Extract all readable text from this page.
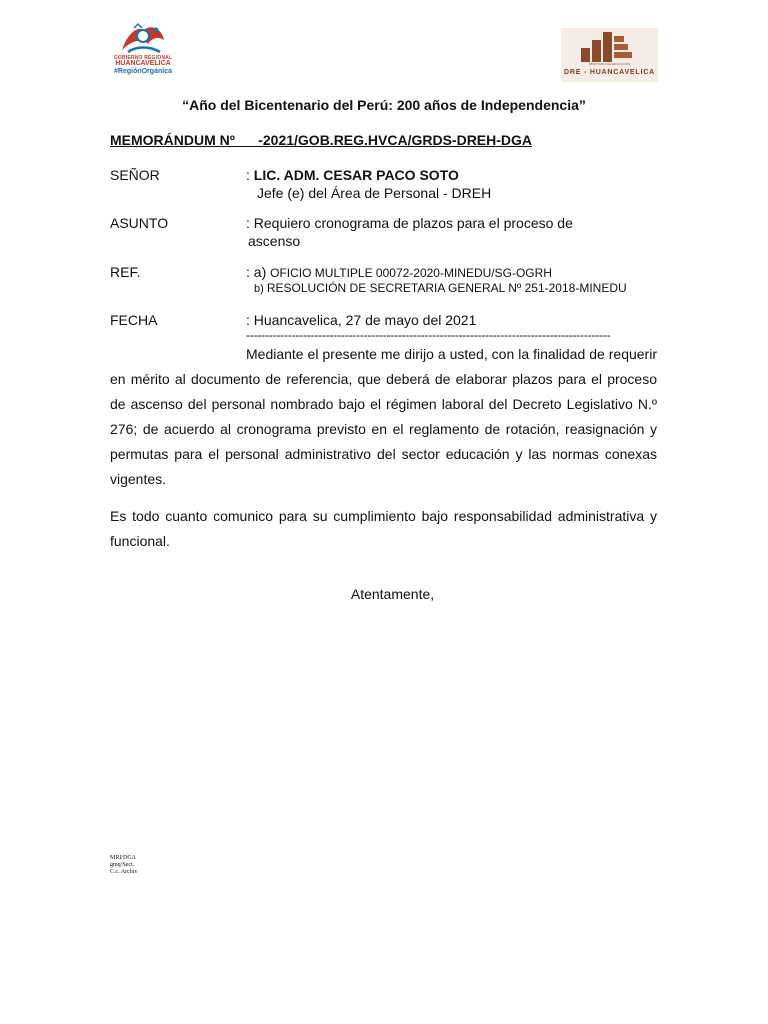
GOBIERNO REGIONAL
HUANCAVELICA
#RegiónOrgánica
MINISTERIO DE EDUCACIÓN
DRE - HUANCAVELICA
“Año del Bicentenario del Perú: 200 años de Independencia”
MEMORÁNDUM Nº      -2021/GOB.REG.HVCA/GRDS-DREH-DGA
SEÑOR	: LIC. ADM. CESAR PACO SOTO
Jefe (e) del Área de Personal - DREH
ASUNTO	: Requiero cronograma de plazos para el proceso de
ascenso
REF.	: a) OFICIO MULTIPLE 00072-2020-MINEDU/SG-OGRH
b) RESOLUCIÓN DE SECRETARIA GENERAL Nº 251-2018-MINEDU
FECHA	: Huancavelica, 27 de mayo del 2021
------------------------------------------------------------------------------------------------
Mediante el presente me dirijo a usted, con la finalidad de requerir en mérito al documento de referencia, que deberá de elaborar plazos para el proceso de ascenso del personal nombrado bajo el régimen laboral del Decreto Legislativo N.º 276; de acuerdo al cronograma previsto en el reglamento de rotación, reasignación y permutas para el personal administrativo del sector educación y las normas conexas vigentes.
Es todo cuanto comunico para su cumplimiento bajo responsabilidad administrativa y funcional.
Atentamente,
MRI/DGA
gmq/Sect.
C.c. Archiv
